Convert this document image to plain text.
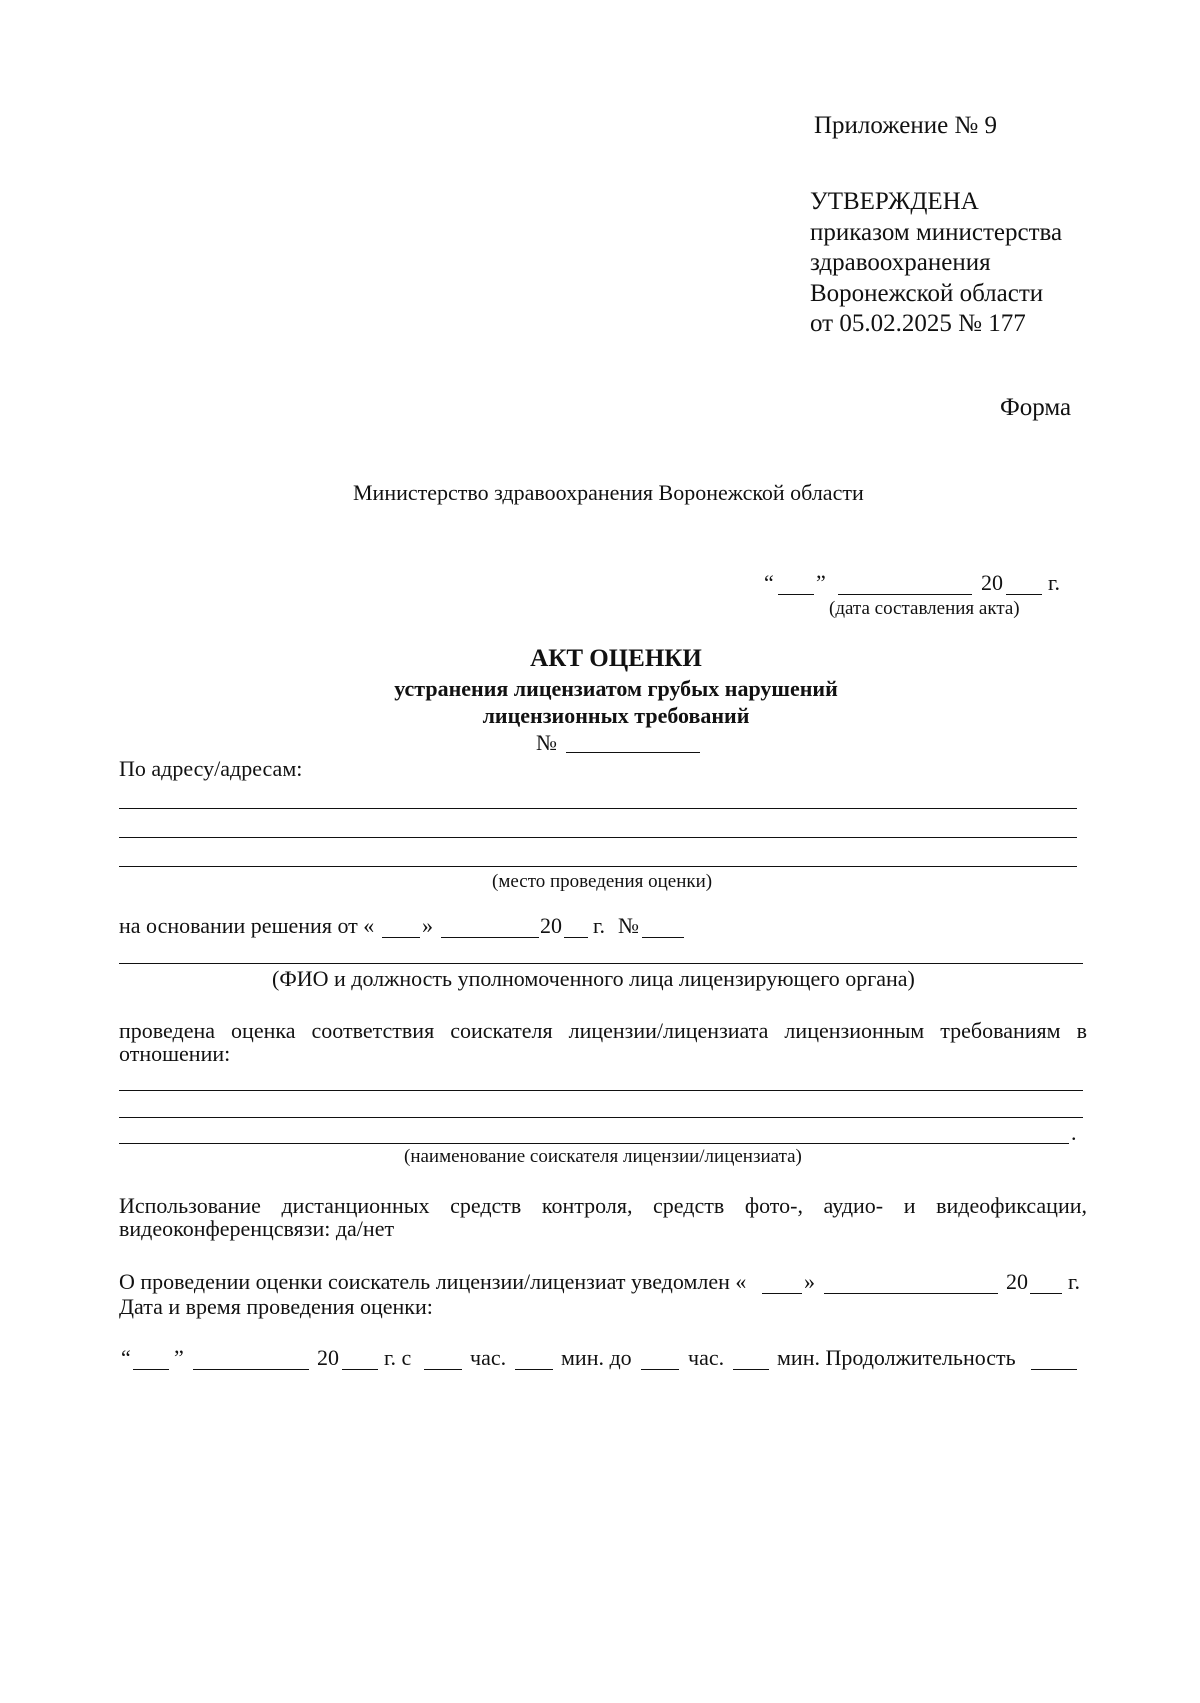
Приложение № 9
УТВЕРЖДЕНА
приказом министерства
здравоохранения
Воронежской области
от 05.02.2025 № 177
Форма
Министерство здравоохранения Воронежской области
“ ”	20 г.
(дата составления акта)
АКТ ОЦЕНКИ
устранения лицензиатом грубых нарушений
лицензионных требований
№
По адресу/адресам:
(место проведения оценки)
на основании решения от « »	20 г. №
(ФИО и должность уполномоченного лица лицензирующего органа)
проведена оценка соответствия соискателя лицензии/лицензиата лицензионным требованиям в
отношении:
.
(наименование соискателя лицензии/лицензиата)
Использование дистанционных средств контроля, средств фото-, аудио- и видеофиксации,
видеоконференцсвязи: да/нет
О проведении оценки соискатель лицензии/лицензиат уведомлен «	»	20 г.
Дата и время проведения оценки:
“ ”	20 г. с	час. мин. до	час. мин. Продолжительность
